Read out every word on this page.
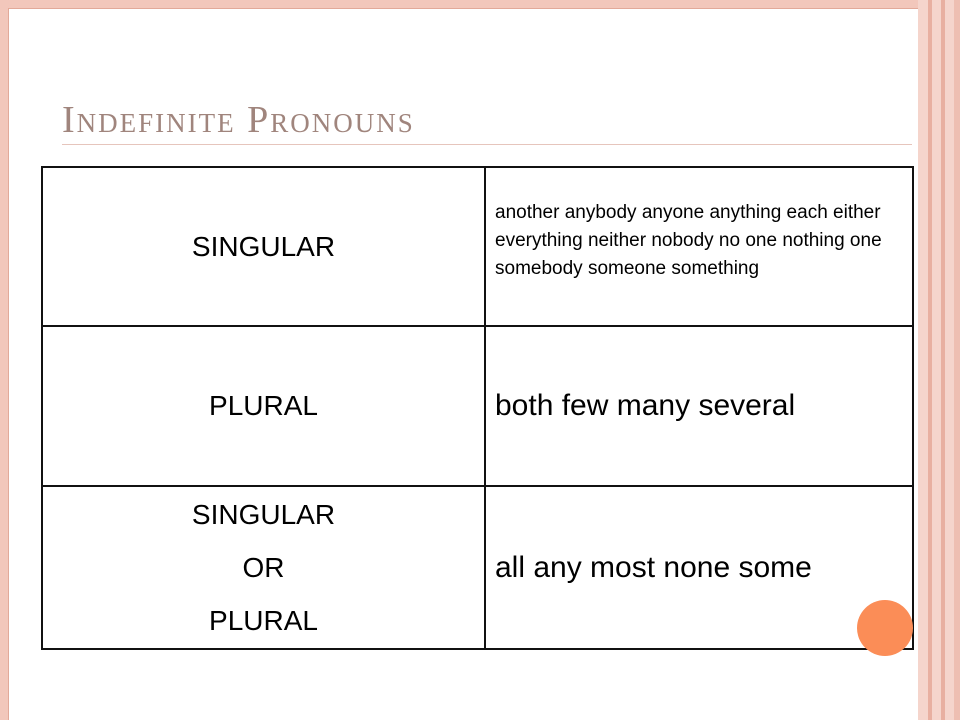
Indefinite Pronouns
SINGULAR	another anybody anyone anything each either everything neither nobody no one nothing one somebody someone something

PLURAL	both few many several

SINGULAR
OR
PLURAL	all any most none some
